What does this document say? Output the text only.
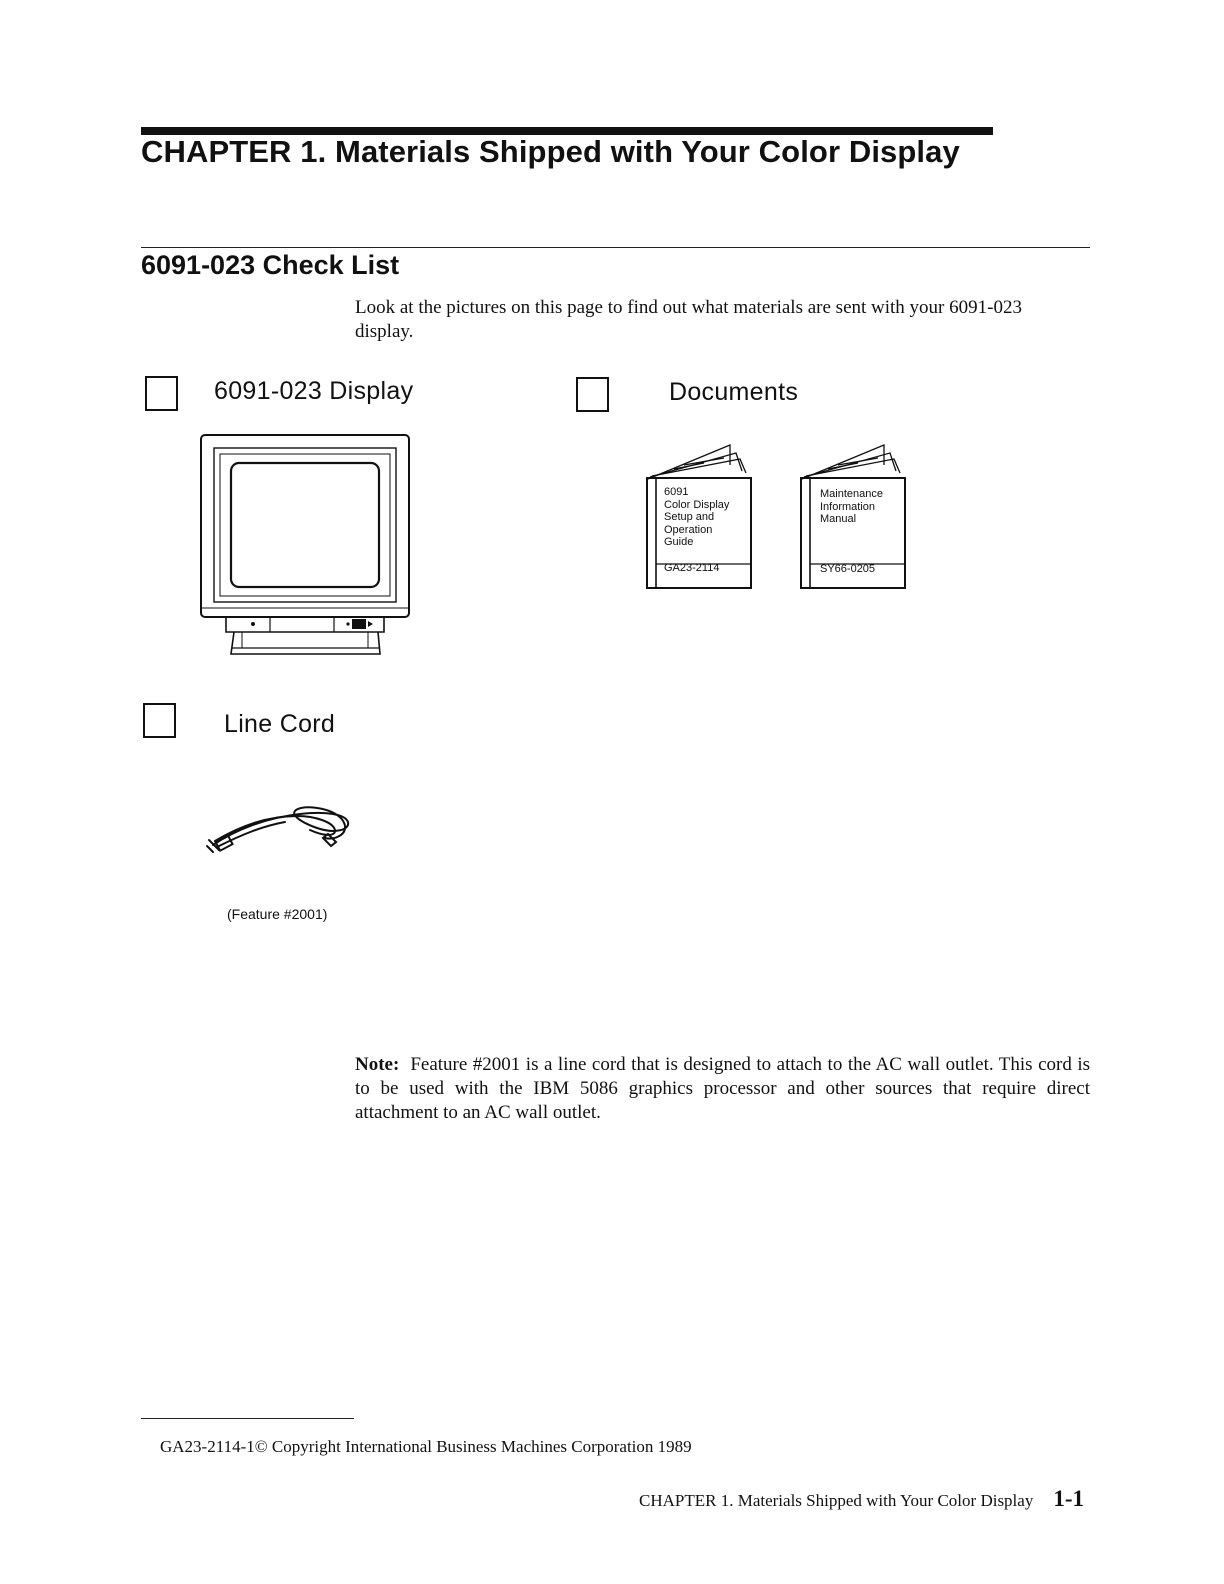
CHAPTER 1. Materials Shipped with Your Color Display
6091-023 Check List
Look at the pictures on this page to find out what materials are sent with your 6091-023 display.
6091-023 Display	Documents
6091
Color Display
Setup and
Operation
Guide
GA23-2114
Maintenance
Information
Manual
SY66-0205
Line Cord
(Feature #2001)
Note: Feature #2001 is a line cord that is designed to attach to the AC wall outlet. This cord is to be used with the IBM 5086 graphics processor and other sources that require direct attachment to an AC wall outlet.
GA23-2114-1© Copyright International Business Machines Corporation 1989
CHAPTER 1. Materials Shipped with Your Color Display 1-1
